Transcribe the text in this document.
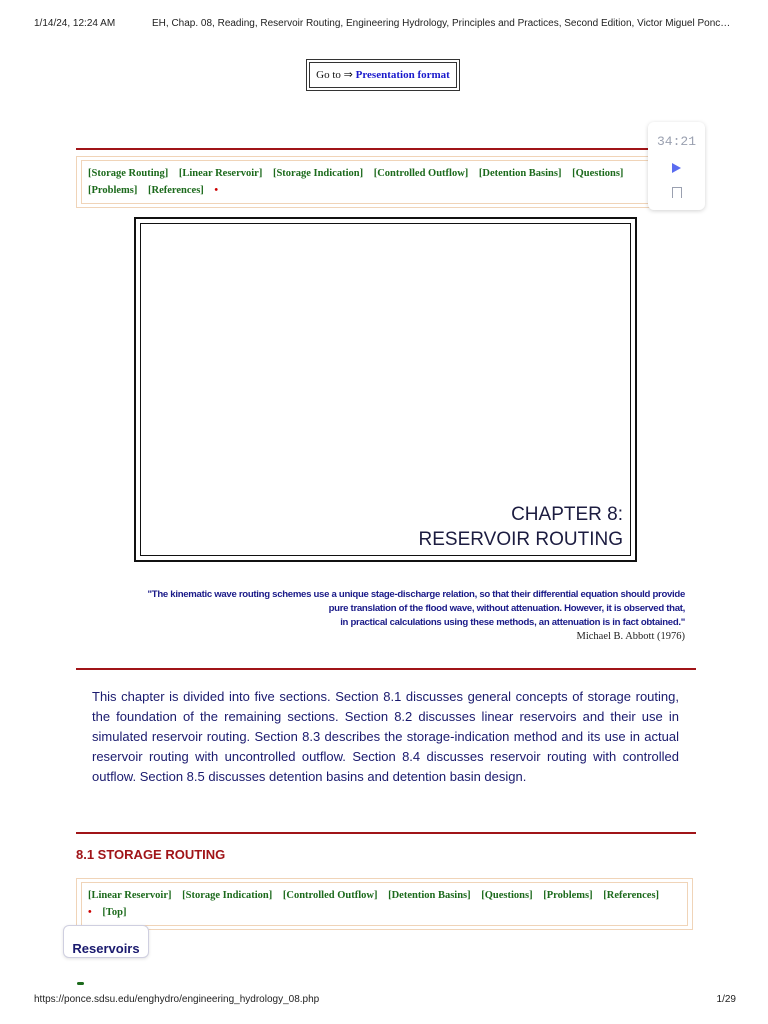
1/14/24, 12:24 AM	EH, Chap. 08, Reading, Reservoir Routing, Engineering Hydrology, Principles and Practices, Second Edition, Victor Miguel Ponc…
Go to ⇒ Presentation format
[Storage Routing] [Linear Reservoir] [Storage Indication] [Controlled Outflow] [Detention Basins] [Questions] [Problems] [References] •
34:21
CHAPTER 8:
RESERVOIR ROUTING
"The kinematic wave routing schemes use a unique stage-discharge relation, so that their differential equation should provide
pure translation of the flood wave, without attenuation. However, it is observed that,
in practical calculations using these methods, an attenuation is in fact obtained."
Michael B. Abbott (1976)
This chapter is divided into five sections. Section 8.1 discusses general concepts of storage routing, the foundation of the remaining sections. Section 8.2 discusses linear reservoirs and their use in simulated reservoir routing. Section 8.3 describes the storage-indication method and its use in actual reservoir routing with uncontrolled outflow. Section 8.4 discusses reservoir routing with controlled outflow. Section 8.5 discusses detention basins and detention basin design.
8.1 STORAGE ROUTING
[Linear Reservoir] [Storage Indication] [Controlled Outflow] [Detention Basins] [Questions] [Problems] [References] • [Top]
Reservoirs
https://ponce.sdsu.edu/enghydro/engineering_hydrology_08.php	1/29
